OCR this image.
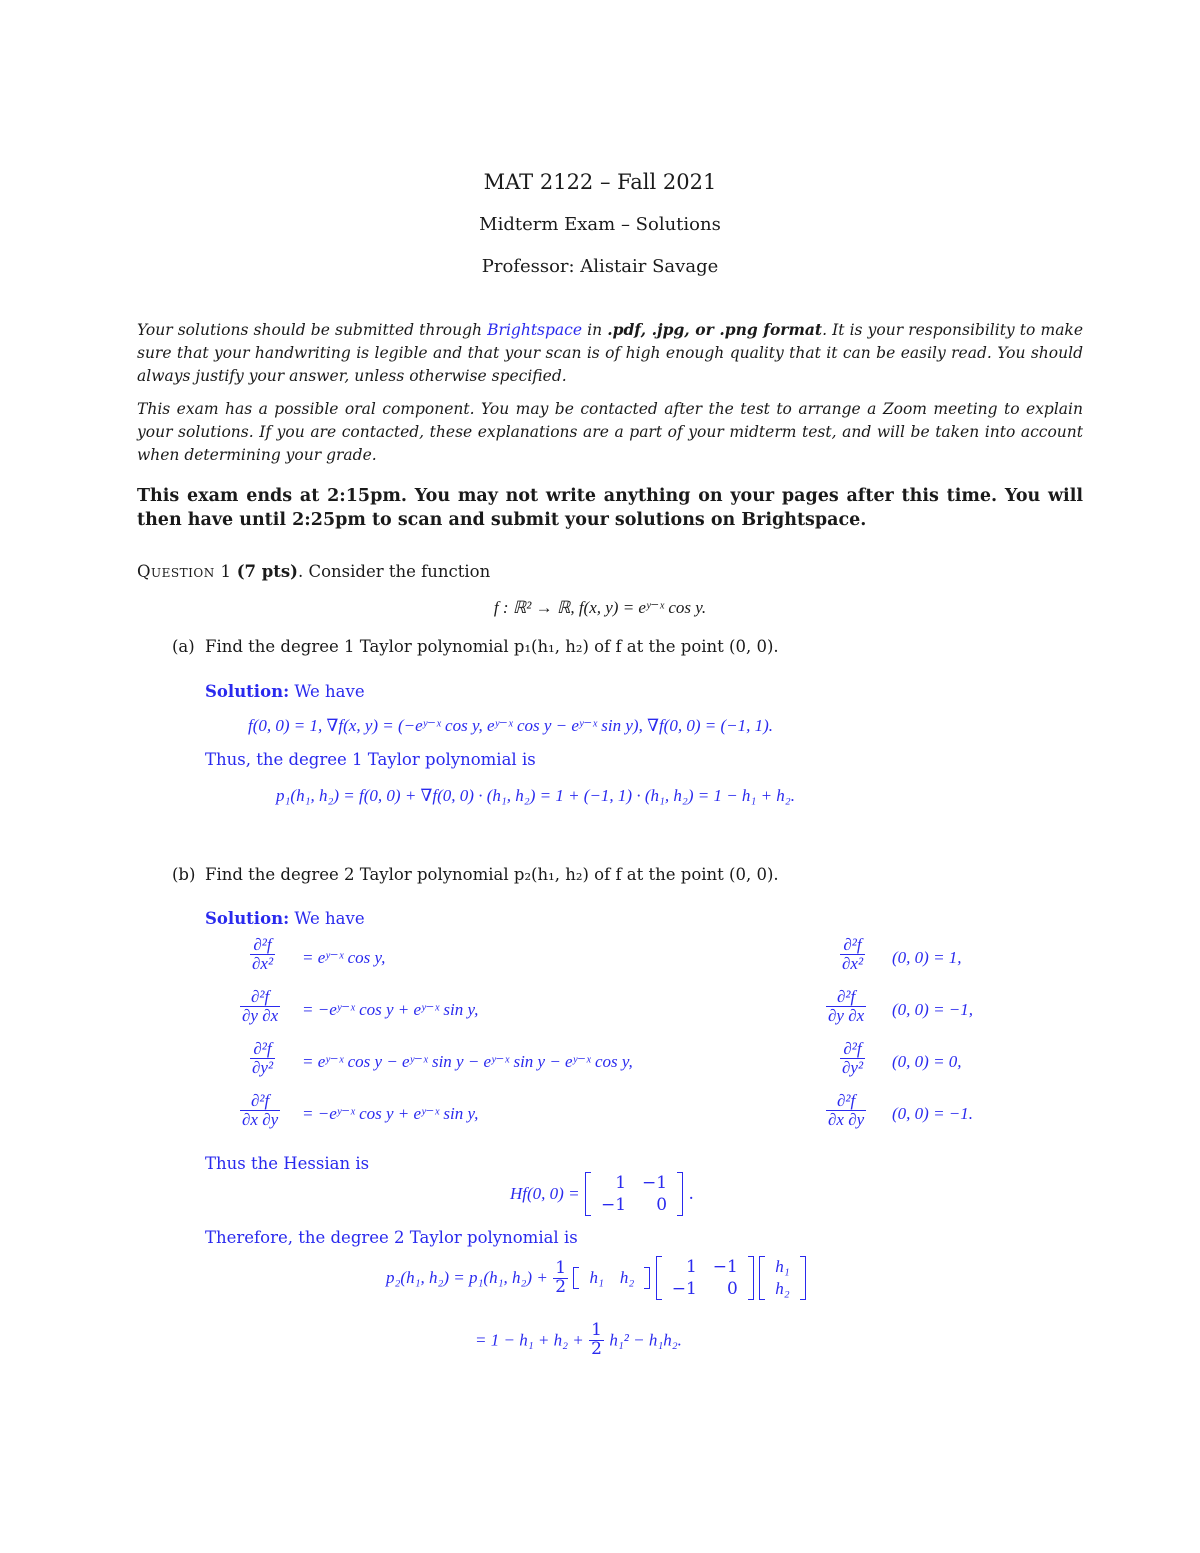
MAT 2122 – Fall 2021
Midterm Exam – Solutions
Professor: Alistair Savage
Your solutions should be submitted through Brightspace in .pdf, .jpg, or .png format. It is your responsibility to make sure that your handwriting is legible and that your scan is of high enough quality that it can be easily read. You should always justify your answer, unless otherwise specified.
This exam has a possible oral component. You may be contacted after the test to arrange a Zoom meeting to explain your solutions. If you are contacted, these explanations are a part of your midterm test, and will be taken into account when determining your grade.
This exam ends at 2:15pm. You may not write anything on your pages after this time. You will then have until 2:25pm to scan and submit your solutions on Brightspace.
Question 1 (7 pts). Consider the function
f : ℝ² → ℝ, f(x, y) = eʸ⁻ˣ cos y.
(a) Find the degree 1 Taylor polynomial p₁(h₁, h₂) of f at the point (0, 0).
Solution: We have
f(0, 0) = 1, ∇f(x, y) = (−eʸ⁻ˣ cos y, eʸ⁻ˣ cos y − eʸ⁻ˣ sin y), ∇f(0, 0) = (−1, 1).
Thus, the degree 1 Taylor polynomial is
p₁(h₁, h₂) = f(0, 0) + ∇f(0, 0) · (h₁, h₂) = 1 + (−1, 1) · (h₁, h₂) = 1 − h₁ + h₂.
(b) Find the degree 2 Taylor polynomial p₂(h₁, h₂) of f at the point (0, 0).
Solution: We have
$\frac{\text{∂²f}}{\text{∂x²}}$ = eʸ⁻ˣ cos y,	$\frac{\text{∂²f}}{\text{∂x²}} (0$, 0) = 1,
$\frac{\text{∂²f}}{\partial y \partial x}$ = −eʸ⁻ˣ cos y + eʸ⁻ˣ sin y,	$\frac{\text{∂²f}}{\partial y \partial x} (0$, 0) = −1,
$\frac{\text{∂²f}}{\text{∂y²}}$ = eʸ⁻ˣ cos y − eʸ⁻ˣ sin y − eʸ⁻ˣ sin y − eʸ⁻ˣ cos y,	$\frac{\text{∂²f}}{\text{∂y²}} (0$, 0) = 0,
$\frac{\text{∂²f}}{\partial x \partial y}$ = −eʸ⁻ˣ cos y + eʸ⁻ˣ sin y,	$\frac{\text{∂²f}}{\partial x \partial y} (0$, 0) = −1.
Thus the Hessian is
Hf(0, 0) =
1	−1
−1	0
.
Therefore, the degree 2 Taylor polynomial is
p₂(h₁, h₂) = p₁(h₁, $h_2) + \frac{1}{2}$
h₁	h₂

1	−1
−1	0

h₁
h₂
= $1 - h_1 + h_2 + \frac{1}{2} h_1^2 - h_1h_2$.
